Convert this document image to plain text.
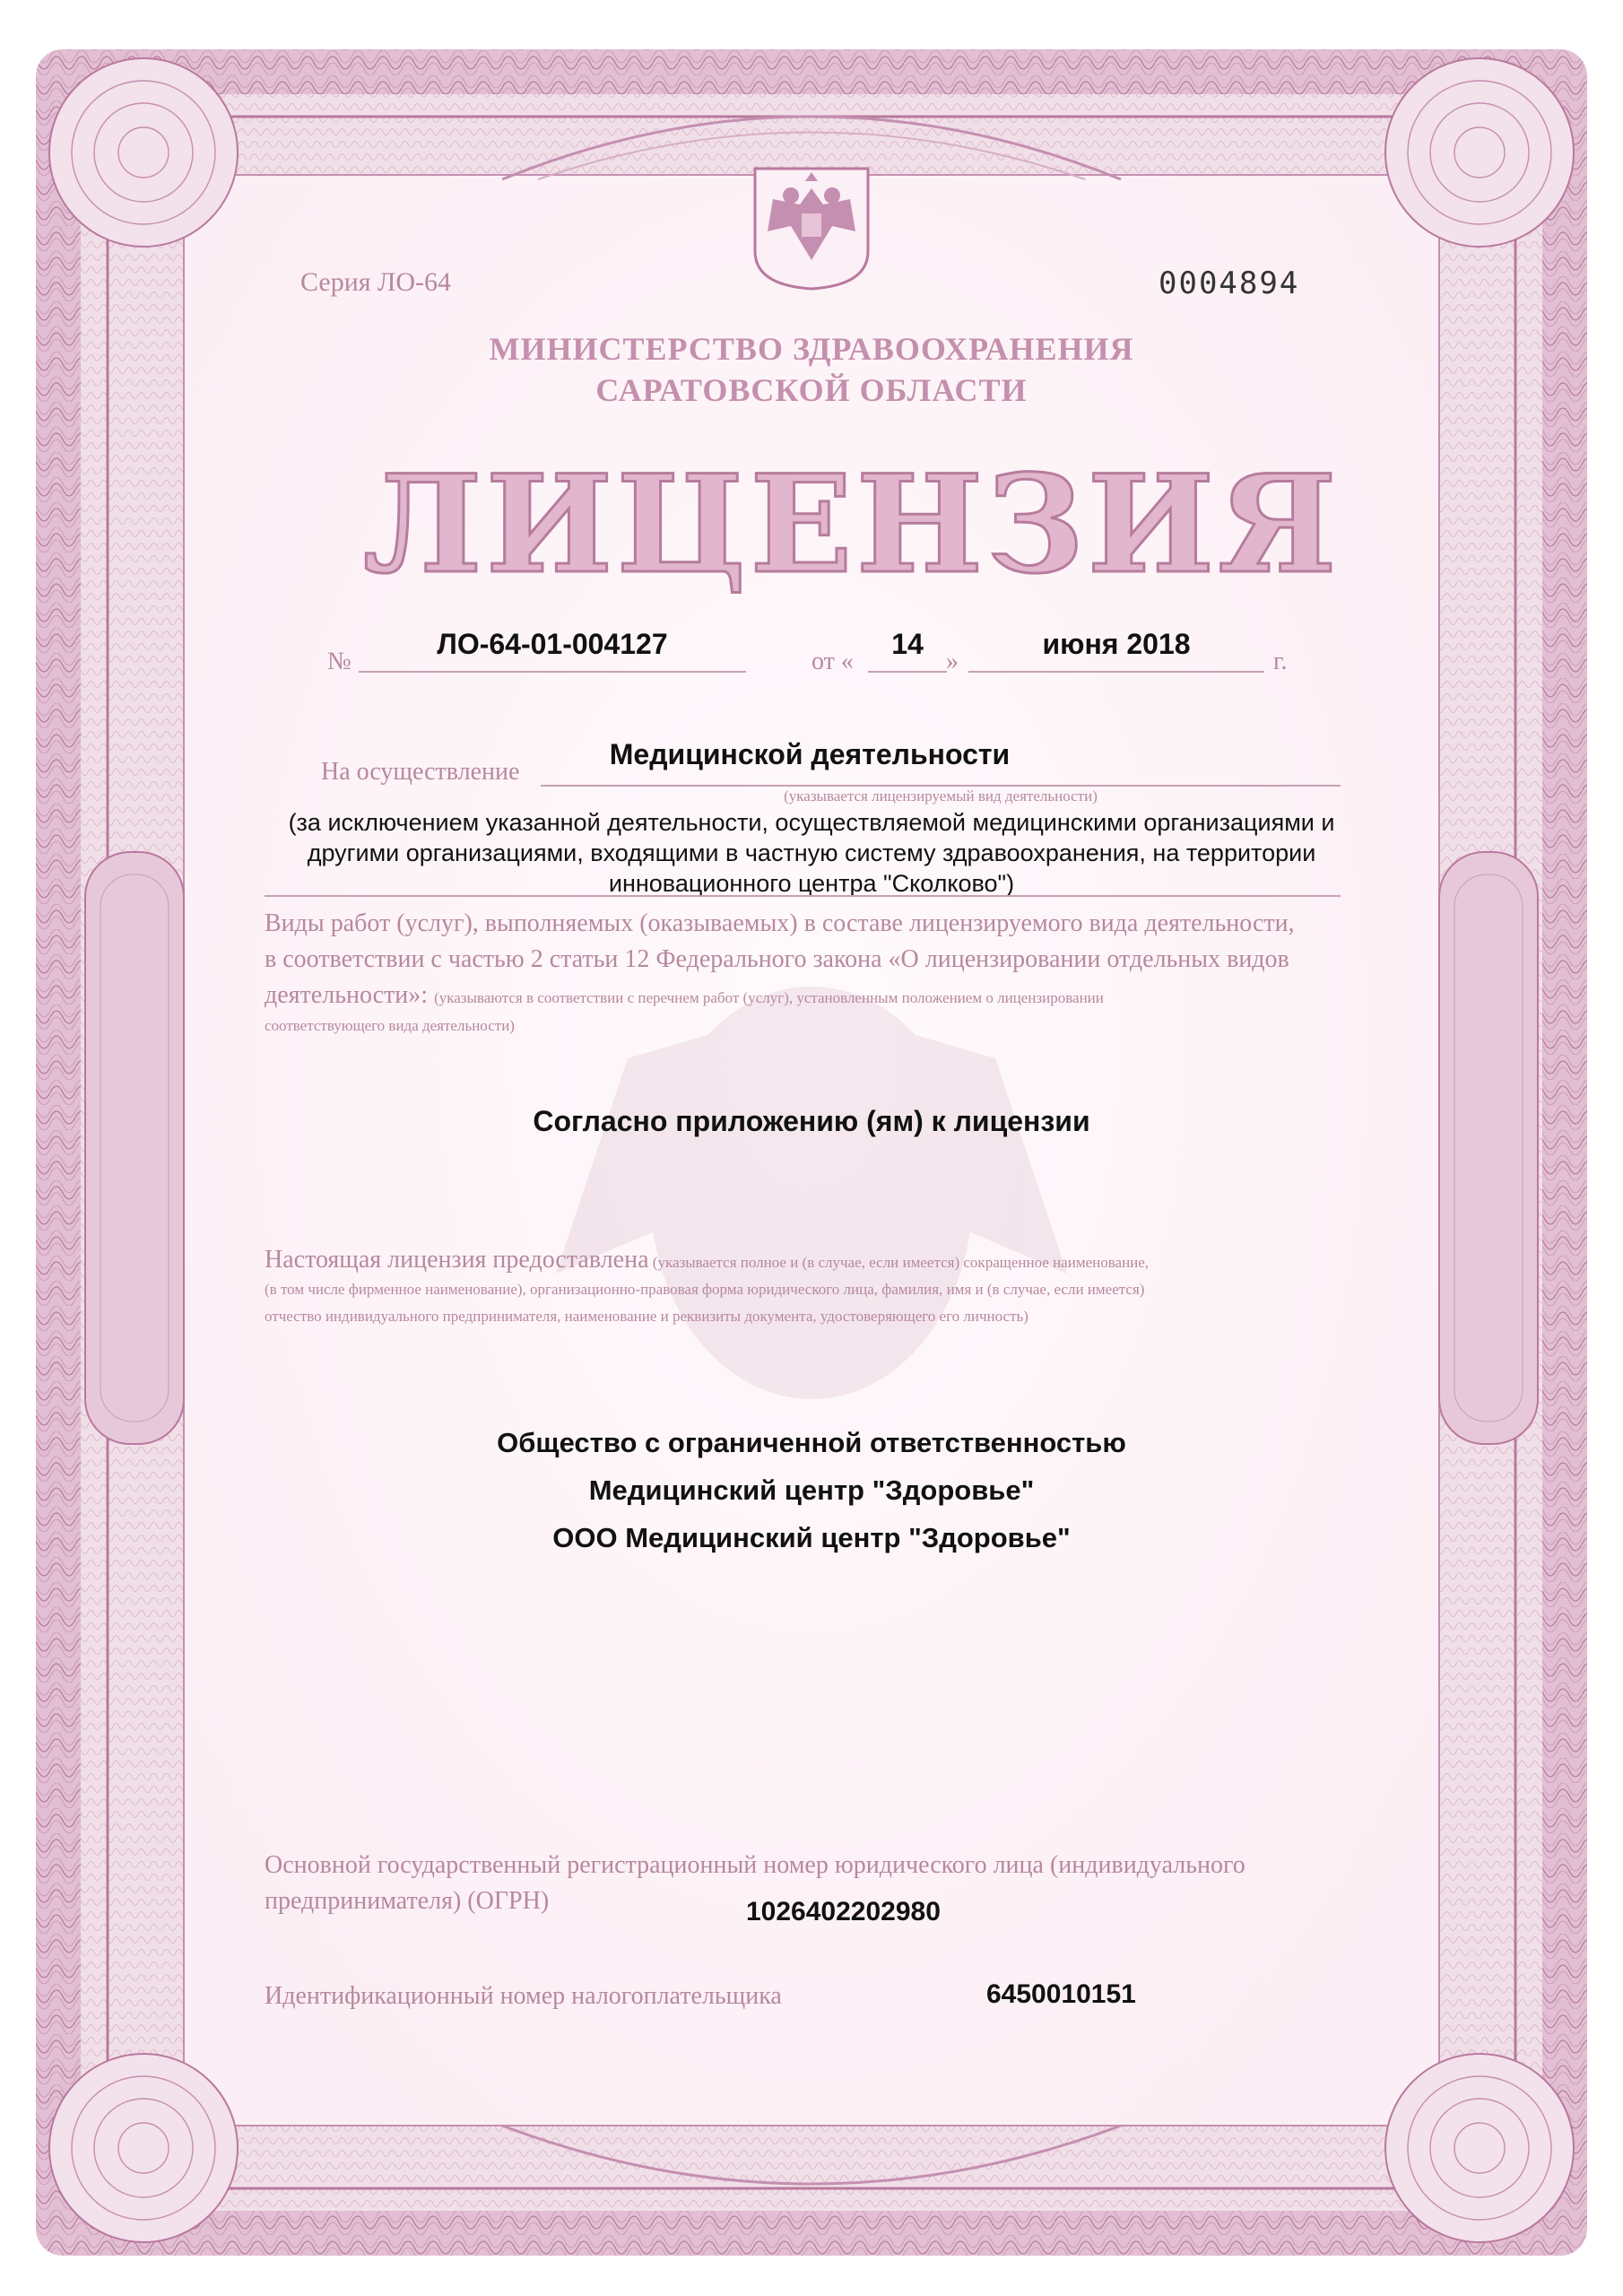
Серия ЛО-64	0004894
МИНИСТЕРСТВО ЗДРАВООХРАНЕНИЯ
САРАТОВСКОЙ ОБЛАСТИ
ЛИЦЕНЗИЯ
№
ЛО-64-01-004127
от «
14
»
июня 2018
г.
На осуществление
Медицинской деятельности
(указывается лицензируемый вид деятельности)
(за исключением указанной деятельности, осуществляемой медицинскими организациями и
другими организациями, входящими в частную систему здравоохранения, на территории
инновационного центра "Сколково")
Виды работ (услуг), выполняемых (оказываемых) в составе лицензируемого вида деятельности,
в соответствии с частью 2 статьи 12 Федерального закона «О лицензировании отдельных видов
деятельности»: (указываются в соответствии с перечнем работ (услуг), установленным положением о лицензировании
соответствующего вида деятельности)
Согласно приложению (ям) к лицензии
Настоящая лицензия предоставлена (указывается полное и (в случае, если имеется) сокращенное наименование,
(в том числе фирменное наименование), организационно-правовая форма юридического лица, фамилия, имя и (в случае, если имеется)
отчество индивидуального предпринимателя, наименование и реквизиты документа, удостоверяющего его личность)
Общество с ограниченной ответственностью
Медицинский центр "Здоровье"
ООО Медицинский центр "Здоровье"
Основной государственный регистрационный номер юридического лица (индивидуального
предпринимателя) (ОГРН)	1026402202980
Идентификационный номер налогоплательщика	6450010151
